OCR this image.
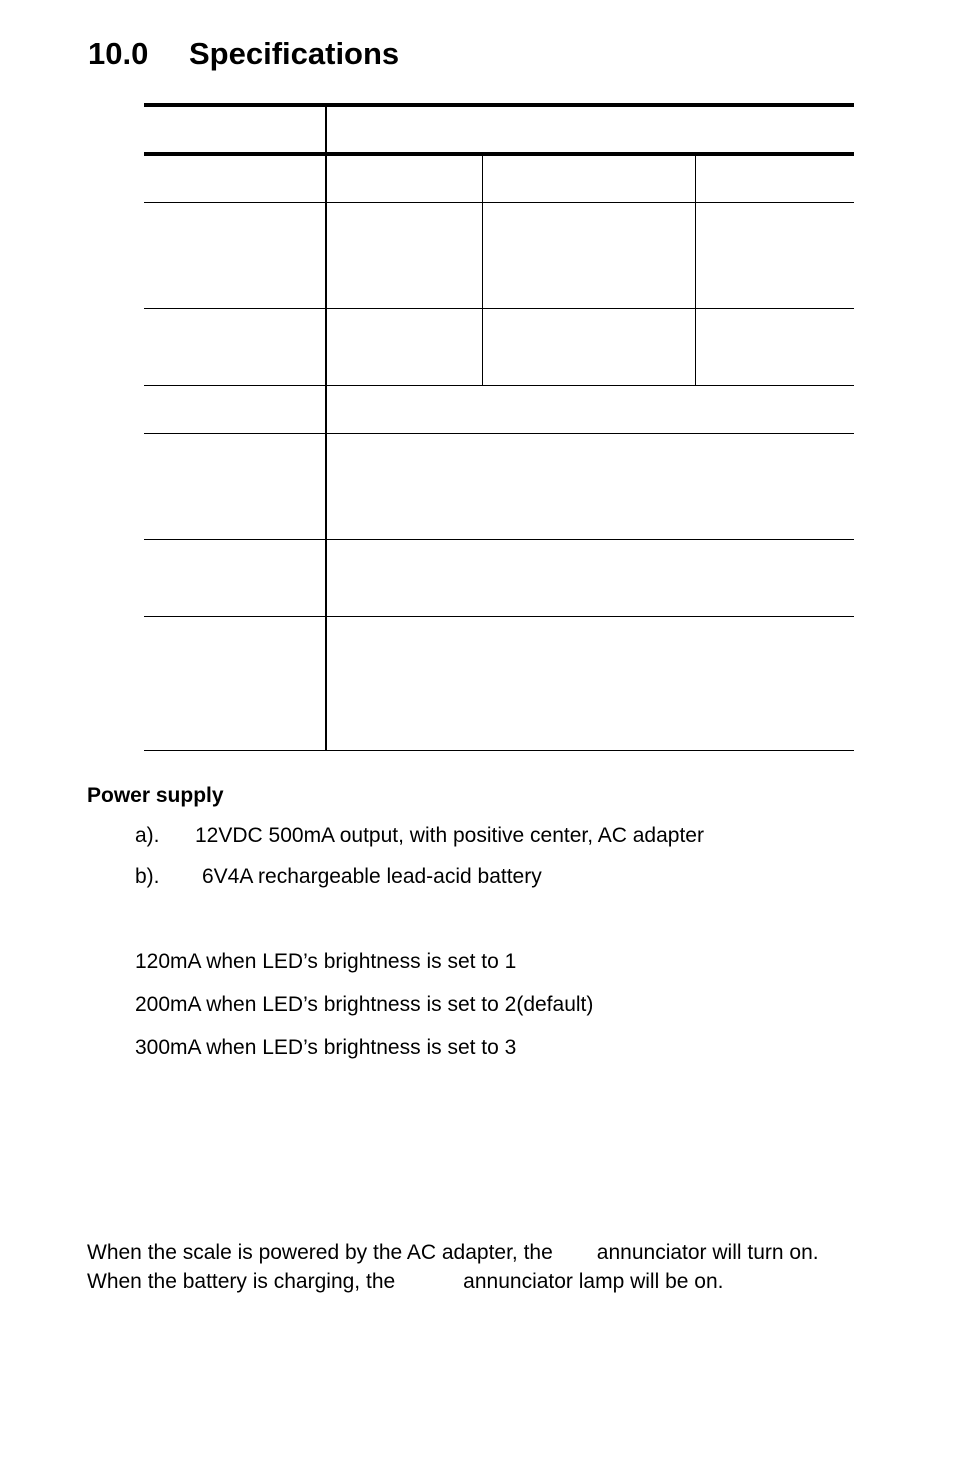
10.0 Specifications
Power supply
a). 12VDC 500mA output, with positive center, AC adapter
b). 6V4A rechargeable lead-acid battery
120mA when LED’s brightness is set to 1
200mA when LED’s brightness is set to 2(default)
300mA when LED’s brightness is set to 3
When the scale is powered by the AC adapter, the annunciator will turn on.
When the battery is charging, the	annunciator lamp will be on.
